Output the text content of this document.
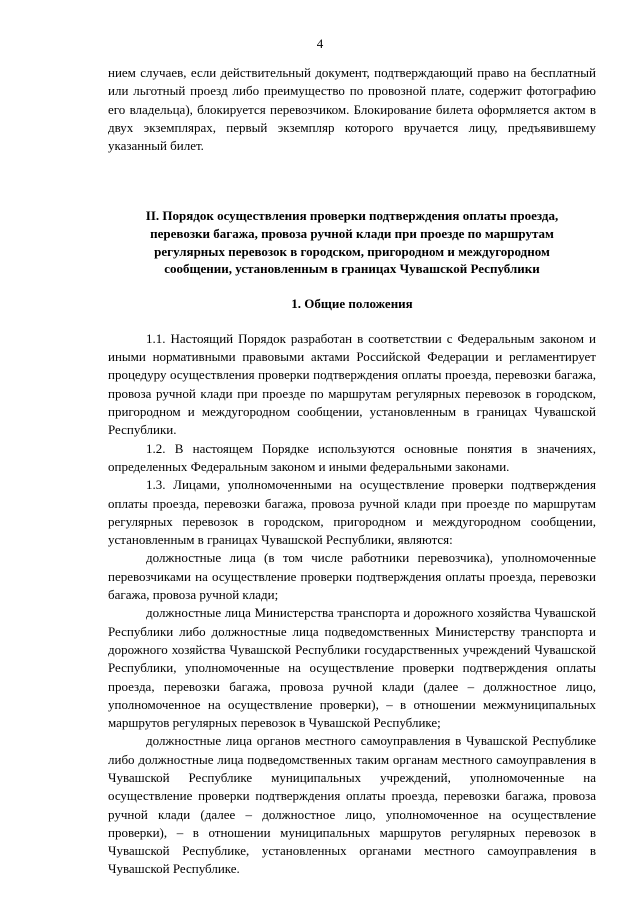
4

нием случаев, если действительный документ, подтверждающий право на бесплатный или льготный проезд либо преимущество по провозной плате, содержит фотографию его владельца), блокируется перевозчиком. Блокирование билета оформляется актом в двух экземплярах, первый экземпляр которого вручается лицу, предъявившему указанный билет.

II. Порядок осуществления проверки подтверждения оплаты проезда, перевозки багажа, провоза ручной клади при проезде по маршрутам регулярных перевозок в городском, пригородном и междугородном сообщении, установленным в границах Чувашской Республики
1. Общие положения

1.1. Настоящий Порядок разработан в соответствии с Федеральным законом и иными нормативными правовыми актами Российской Федерации и регламентирует процедуру осуществления проверки подтверждения оплаты проезда, перевозки багажа, провоза ручной клади при проезде по маршрутам регулярных перевозок в городском, пригородном и междугородном сообщении, установленным в границах Чувашской Республики.

1.2. В настоящем Порядке используются основные понятия в значениях, определенных Федеральным законом и иными федеральными законами.

1.3. Лицами, уполномоченными на осуществление проверки подтверждения оплаты проезда, перевозки багажа, провоза ручной клади при проезде по маршрутам регулярных перевозок в городском, пригородном и междугородном сообщении, установленным в границах Чувашской Республики, являются:

должностные лица (в том числе работники перевозчика), уполномоченные перевозчиками на осуществление проверки подтверждения оплаты проезда, перевозки багажа, провоза ручной клади;

должностные лица Министерства транспорта и дорожного хозяйства Чувашской Республики либо должностные лица подведомственных Министерству транспорта и дорожного хозяйства Чувашской Республики государственных учреждений Чувашской Республики, уполномоченные на осуществление проверки подтверждения оплаты проезда, перевозки багажа, провоза ручной клади (далее – должностное лицо, уполномоченное на осуществление проверки), – в отношении межмуниципальных маршрутов регулярных перевозок в Чувашской Республике;

должностные лица органов местного самоуправления в Чувашской Республике либо должностные лица подведомственных таким органам местного самоуправления в Чувашской Республике муниципальных учреждений, уполномоченные на осуществление проверки подтверждения оплаты проезда, перевозки багажа, провоза ручной клади (далее – должностное лицо, уполномоченное на осуществление проверки), – в отношении муниципальных маршрутов регулярных перевозок в Чувашской Республике, установленных органами местного самоуправления в Чувашской Республике.
